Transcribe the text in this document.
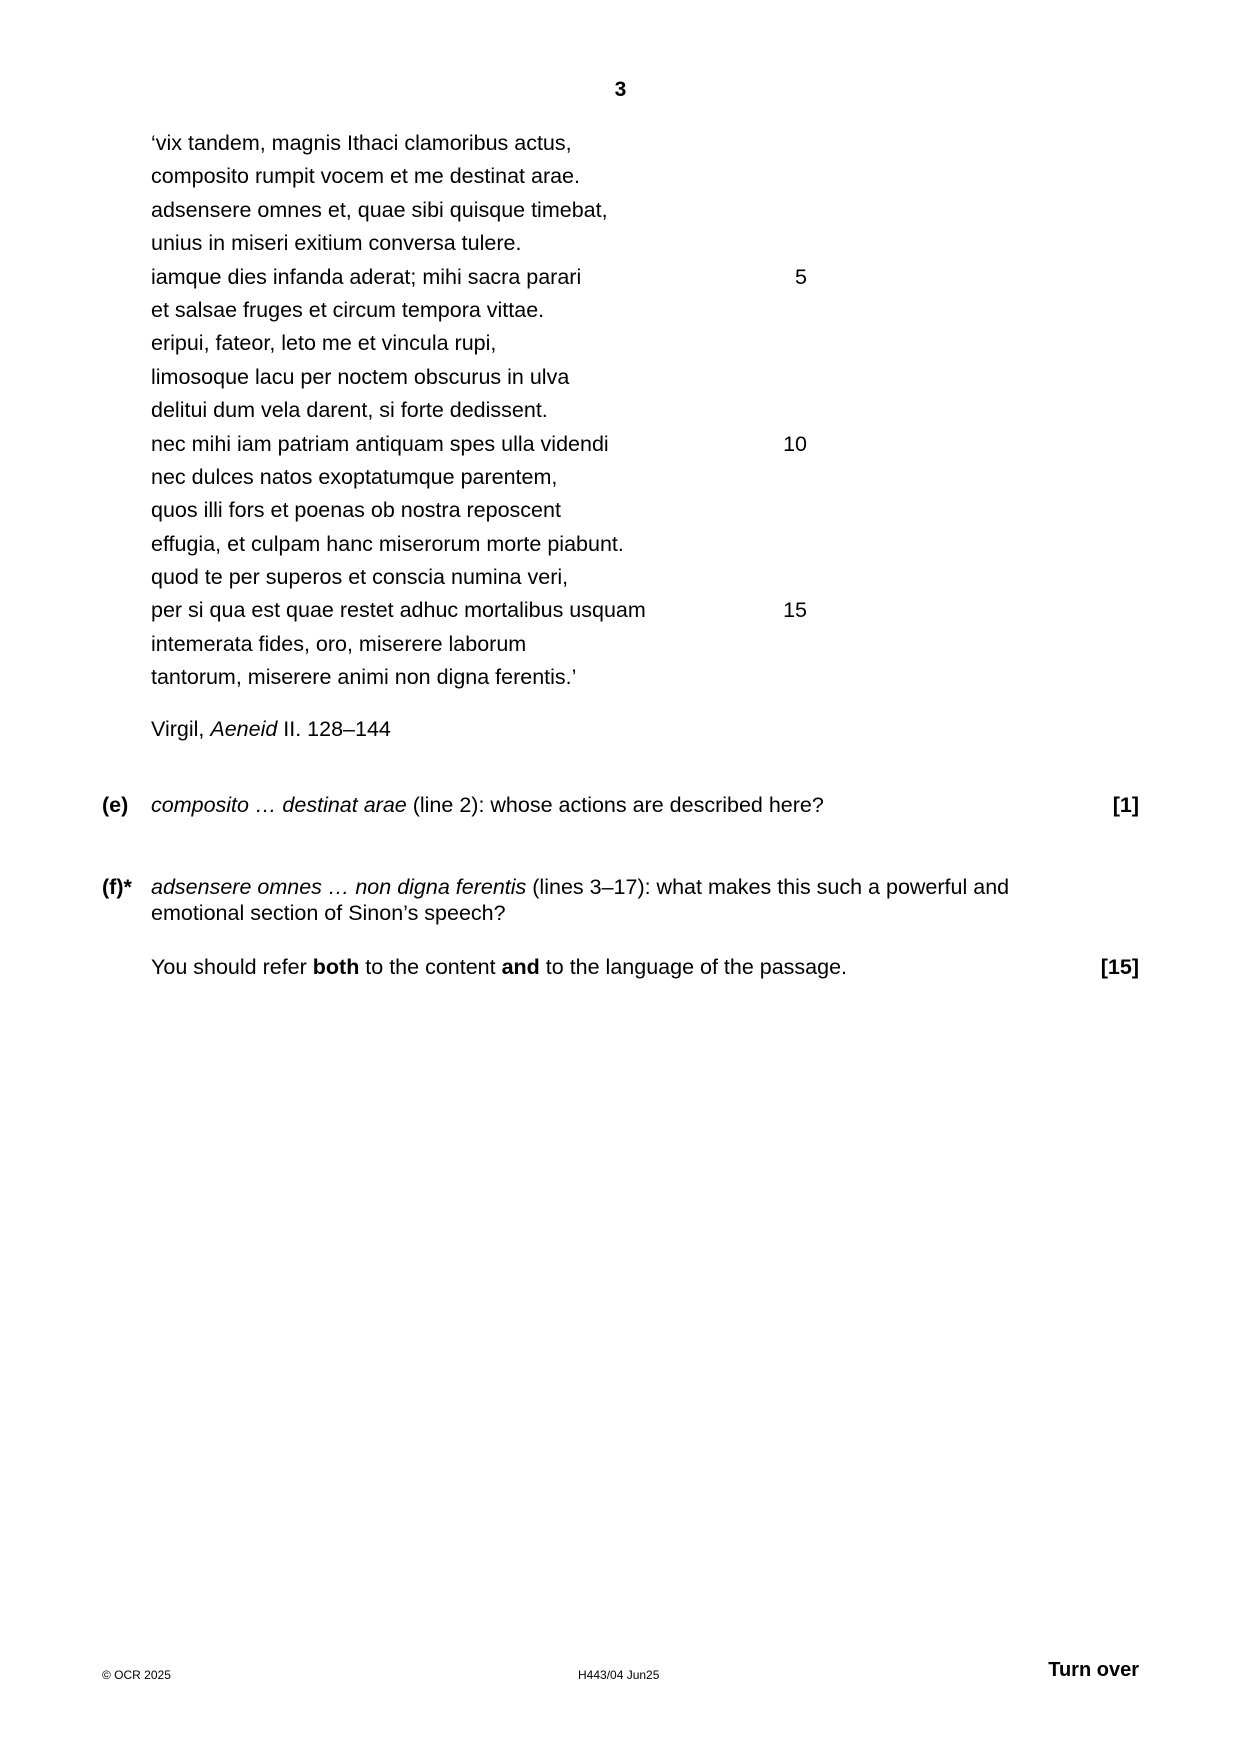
3
‘vix tandem, magnis Ithaci clamoribus actus,
composito rumpit vocem et me destinat arae.
adsensere omnes et, quae sibi quisque timebat,
unius in miseri exitium conversa tulere.
iamque dies infanda aderat; mihi sacra parari	5
et salsae fruges et circum tempora vittae.
eripui, fateor, leto me et vincula rupi,
limosoque lacu per noctem obscurus in ulva
delitui dum vela darent, si forte dedissent.
nec mihi iam patriam antiquam spes ulla videndi	10
nec dulces natos exoptatumque parentem,
quos illi fors et poenas ob nostra reposcent
effugia, et culpam hanc miserorum morte piabunt.
quod te per superos et conscia numina veri,
per si qua est quae restet adhuc mortalibus usquam	15
intemerata fides, oro, miserere laborum
tantorum, miserere animi non digna ferentis.’
Virgil, Aeneid II. 128–144
(e) composito … destinat arae (line 2): whose actions are described here?	[1]
(f)* adsensere omnes … non digna ferentis (lines 3–17): what makes this such a powerful and emotional section of Sinon’s speech?
You should refer both to the content and to the language of the passage.	[15]
© OCR 2025	H443/04 Jun25	Turn over
